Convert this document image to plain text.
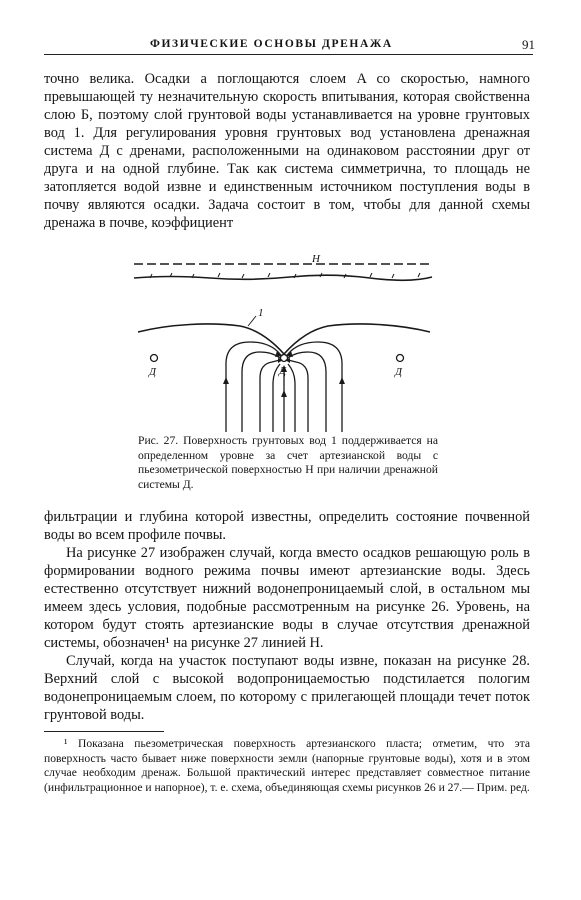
ФИЗИЧЕСКИЕ ОСНОВЫ ДРЕНАЖА	91

точно велика. Осадки a поглощаются слоем A со скоростью, намного превышающей ту незначительную скорость впитывания, которая свойственна слою Б, поэтому слой грунтовой воды устанавливается на уровне грунтовых вод 1. Для регулирования уровня грунтовых вод установлена дренажная система Д с дренами, расположенными на одинаковом расстоянии друг от друга и на одной глубине. Так как система симметрична, то площадь не затопляется водой извне и единственным источником поступления воды в почву являются осадки. Задача состоит в том, чтобы для данной схемы дренажа в почве, коэффициент

H
1
Д	Д	Д
Рис. 27. Поверхность грунтовых вод 1 поддерживается на определенном уровне за счет артезианской воды с пьезометрической поверхностью H при наличии дренажной системы Д.

фильтрации и глубина которой известны, определить состояние почвенной воды во всем профиле почвы.

На рисунке 27 изображен случай, когда вместо осадков решающую роль в формировании водного режима почвы имеют артезианские воды. Здесь естественно отсутствует нижний водонепроницаемый слой, в остальном мы имеем здесь условия, подобные рассмотренным на рисунке 26. Уровень, на котором будут стоять артезианские воды в случае отсутствия дренажной системы, обозначен¹ на рисунке 27 линией H.

Случай, когда на участок поступают воды извне, показан на рисунке 28. Верхний слой с высокой водопроницаемостью подстилается пологим водонепроницаемым слоем, по которому с прилегающей площади течет поток грунтовой воды.

¹ Показана пьезометрическая поверхность артезианского пласта; отметим, что эта поверхность часто бывает ниже поверхности земли (напорные грунтовые воды), хотя и в этом случае необходим дренаж. Большой практический интерес представляет совместное питание (инфильтрационное и напорное), т. е. схема, объединяющая схемы рисунков 26 и 27.— Прим. ред.
